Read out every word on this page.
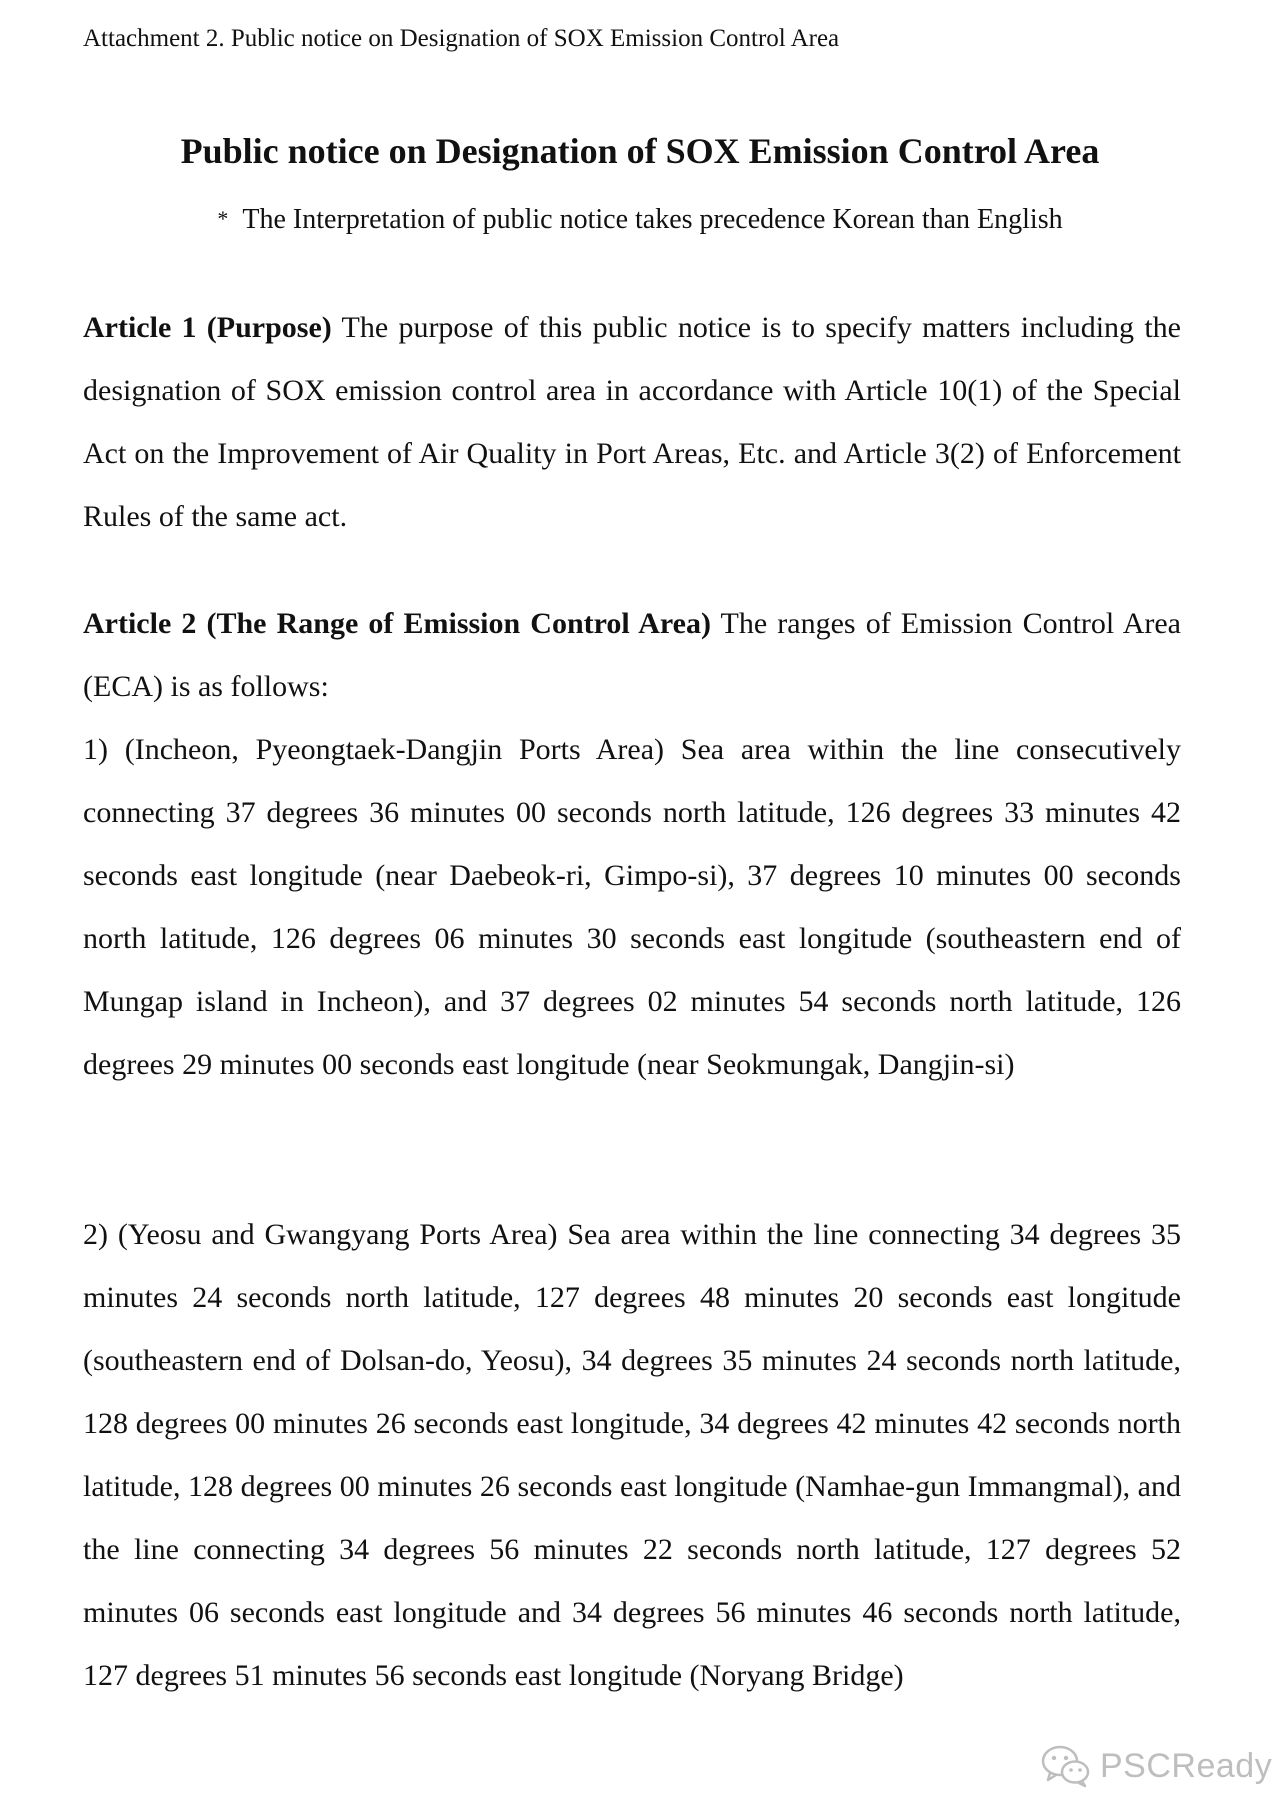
Attachment 2. Public notice on Designation of SOX Emission Control Area
Public notice on Designation of SOX Emission Control Area
* The Interpretation of public notice takes precedence Korean than English

Article 1 (Purpose) The purpose of this public notice is to specify matters including the designation of SOX emission control area in accordance with Article 10(1) of the Special Act on the Improvement of Air Quality in Port Areas, Etc. and Article 3(2) of Enforcement Rules of the same act.

Article 2 (The Range of Emission Control Area) The ranges of Emission Control Area (ECA) is as follows:

1) (Incheon, Pyeongtaek-Dangjin Ports Area) Sea area within the line consecutively connecting 37 degrees 36 minutes 00 seconds north latitude, 126 degrees 33 minutes 42 seconds east longitude (near Daebeok-ri, Gimpo-si), 37 degrees 10 minutes 00 seconds north latitude, 126 degrees 06 minutes 30 seconds east longitude (southeastern end of Mungap island in Incheon), and 37 degrees 02 minutes 54 seconds north latitude, 126 degrees 29 minutes 00 seconds east longitude (near Seokmungak, Dangjin-si)

2) (Yeosu and Gwangyang Ports Area) Sea area within the line connecting 34 degrees 35 minutes 24 seconds north latitude, 127 degrees 48 minutes 20 seconds east longitude (southeastern end of Dolsan-do, Yeosu), 34 degrees 35 minutes 24 seconds north latitude, 128 degrees 00 minutes 26 seconds east longitude, 34 degrees 42 minutes 42 seconds north latitude, 128 degrees 00 minutes 26 seconds east longitude (Namhae-gun Immangmal), and the line connecting 34 degrees 56 minutes 22 seconds north latitude, 127 degrees 52 minutes 06 seconds east longitude and 34 degrees 56 minutes 46 seconds north latitude, 127 degrees 51 minutes 56 seconds east longitude (Noryang Bridge)

PSCReady
